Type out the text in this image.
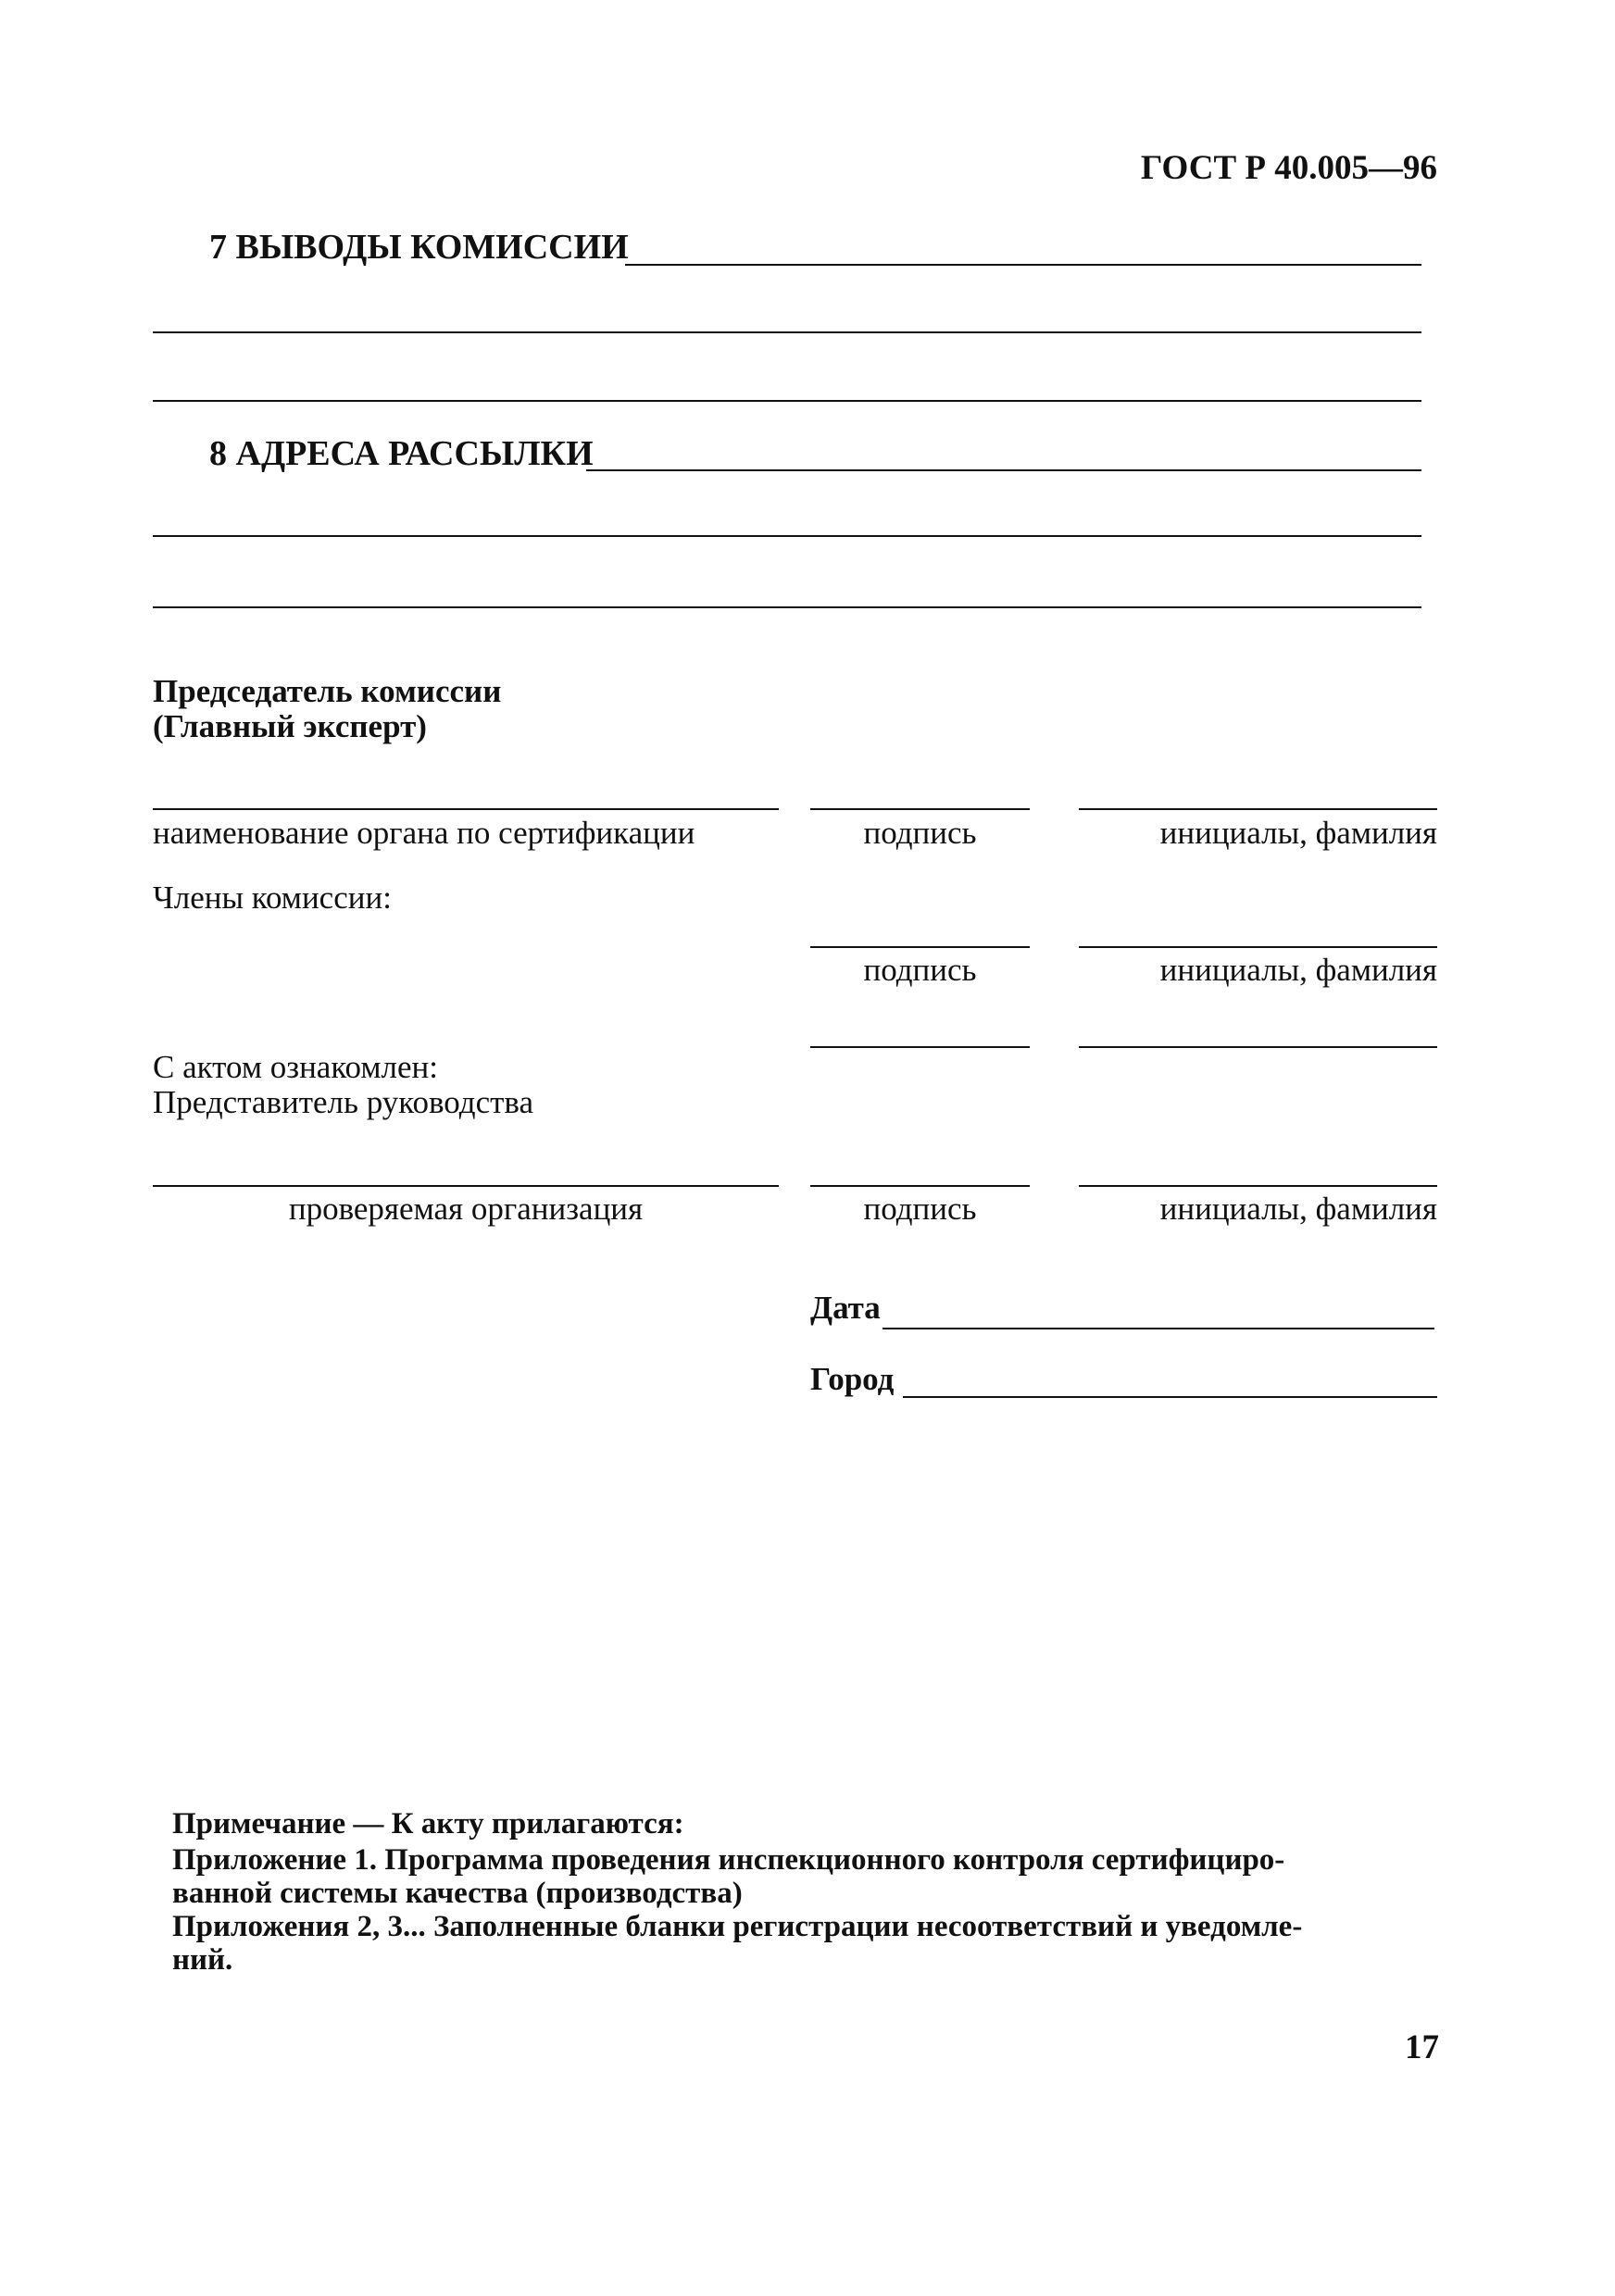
ГОСТ Р 40.005—96
7 ВЫВОДЫ КОМИССИИ
8 АДРЕСА РАССЫЛКИ
Председатель комиссии
(Главный эксперт)
наименование органа по сертификации	подпись	инициалы, фамилия
Члены комиссии:
подпись	инициалы, фамилия
С актом ознакомлен:
Представитель руководства
проверяемая организация	подпись	инициалы, фамилия
Дата
Город
Примечание — К акту прилагаются:
Приложение 1. Программа проведения инспекционного контроля сертифициро-
ванной системы качества (производства)
Приложения 2, 3... Заполненные бланки регистрации несоответствий и уведомле-
ний.
17
